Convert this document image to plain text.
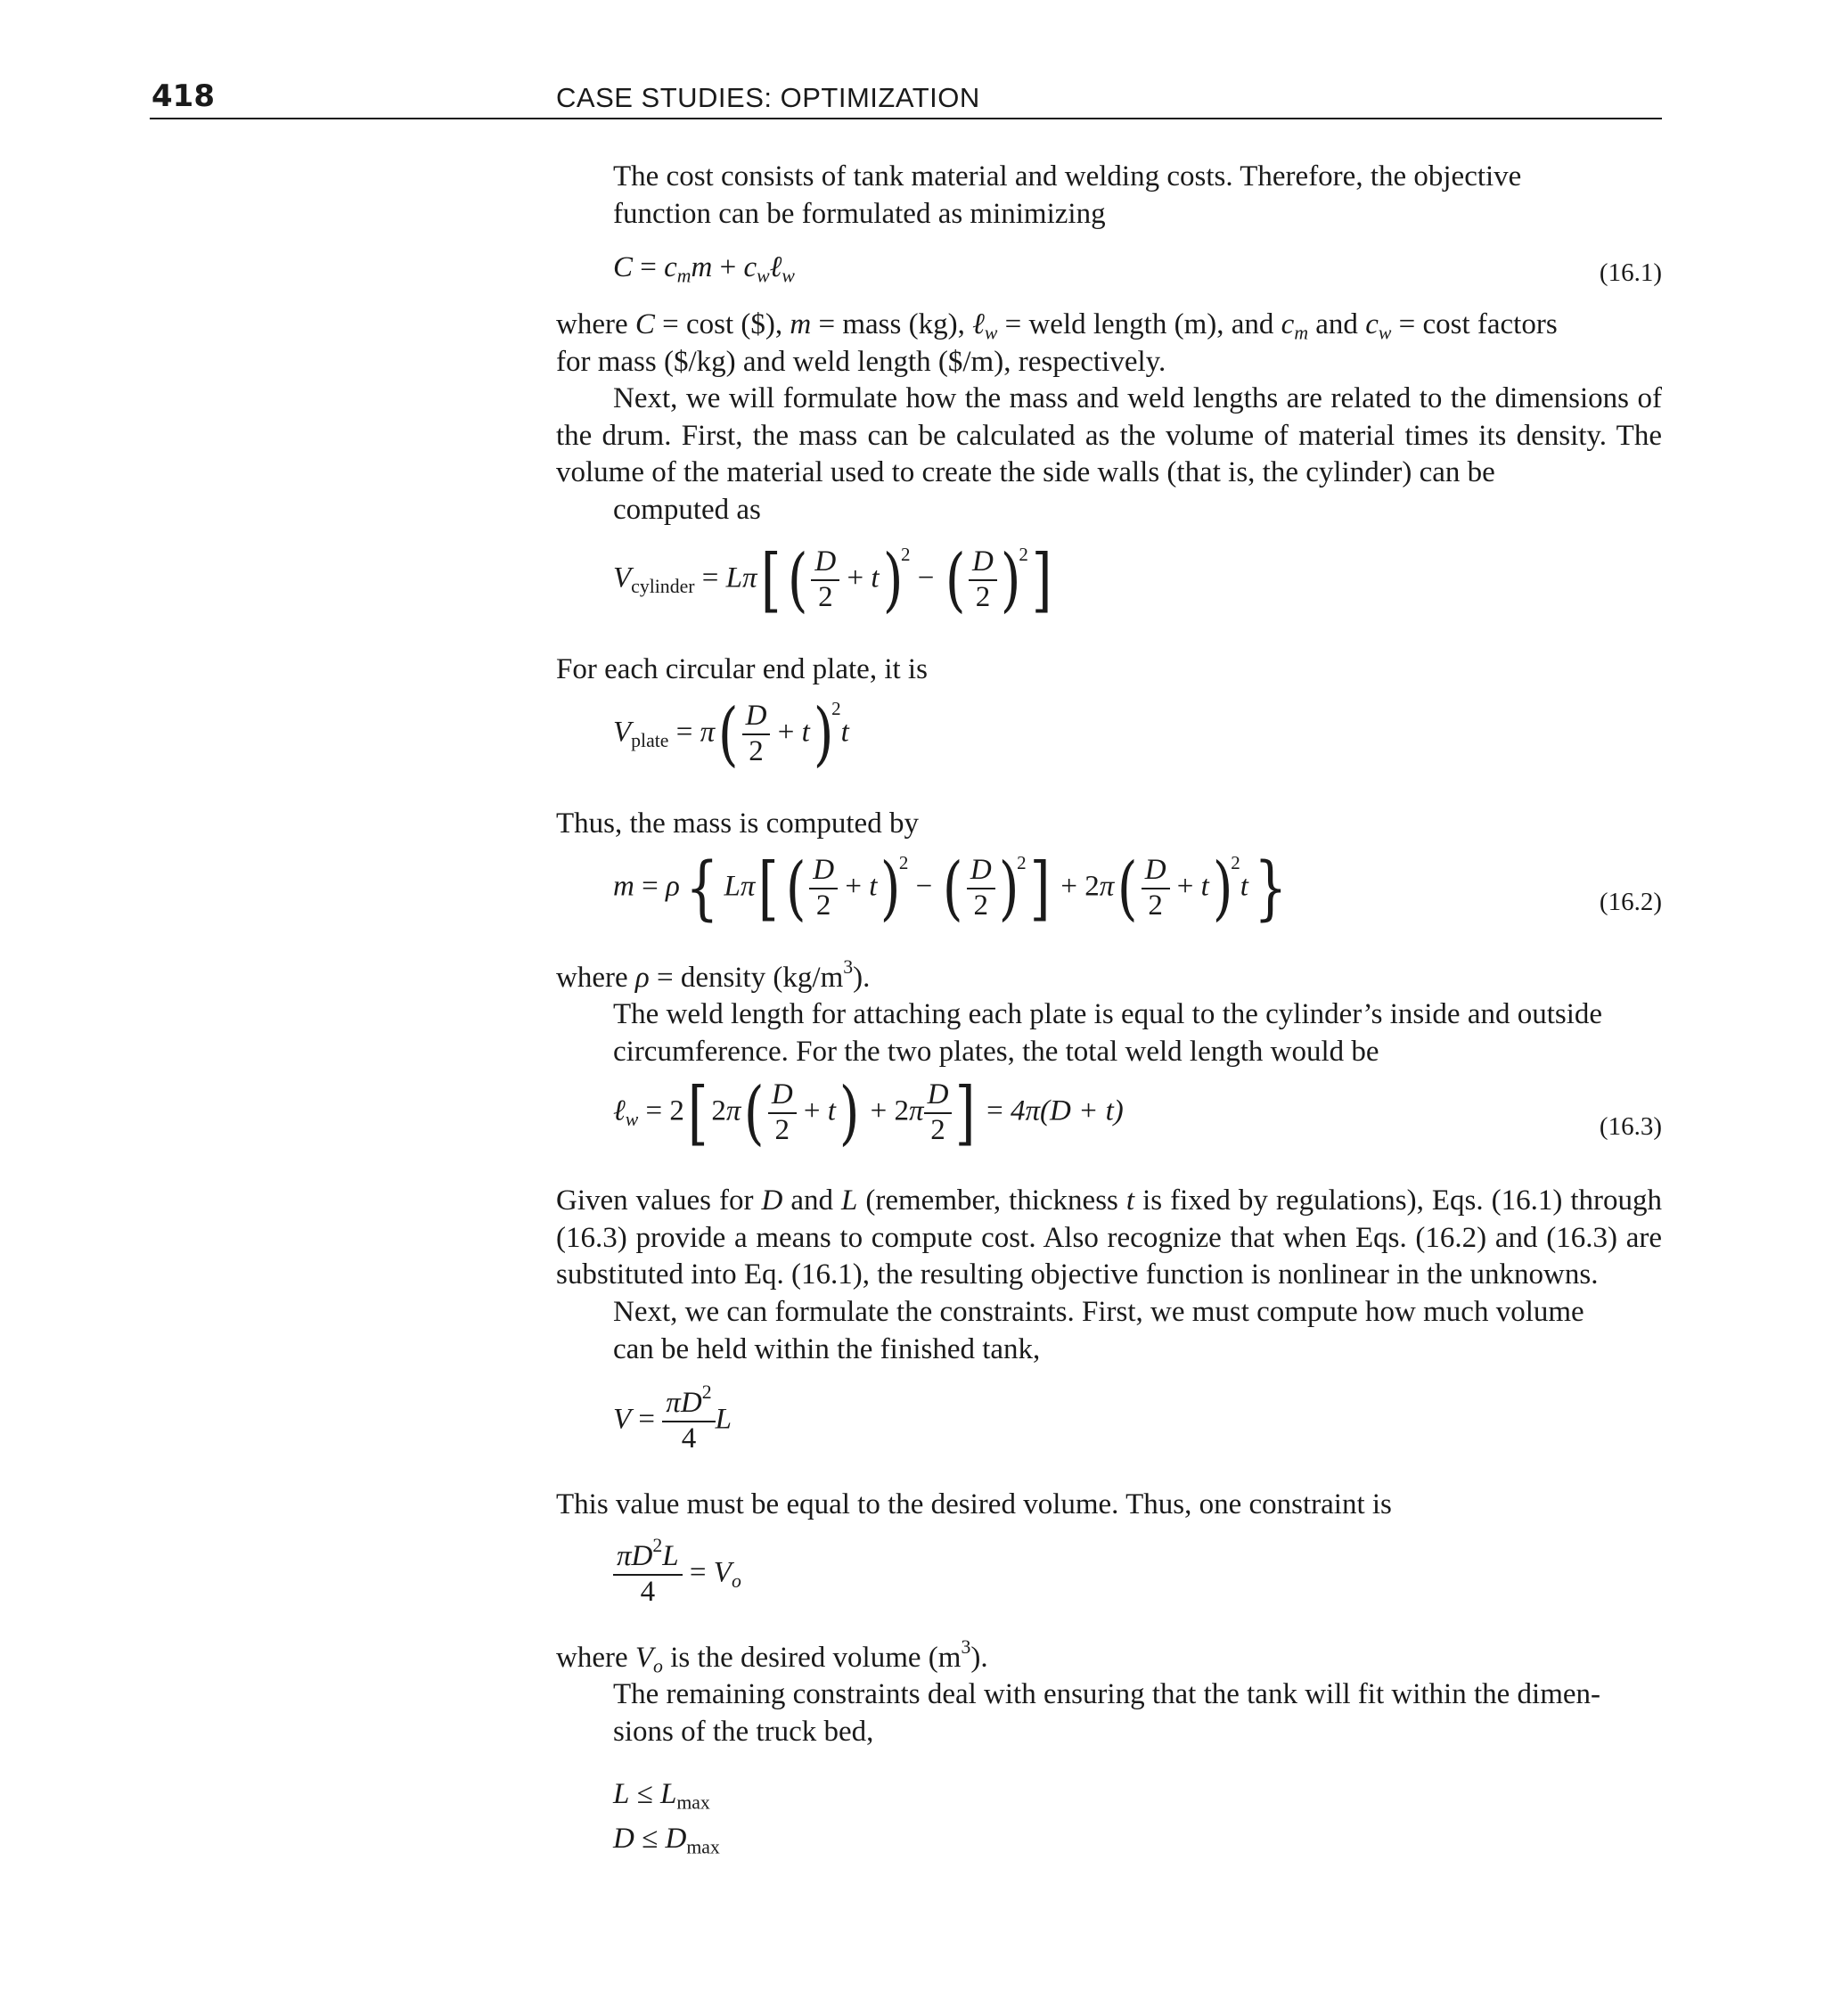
418	CASE STUDIES: OPTIMIZATION

The cost consists of tank material and welding costs. Therefore, the objective
function can be formulated as minimizing

$C = c_mm$ + $c_w\ell_w$	(16.1)

where C = cost ($), m = mass (kg), ℓ$_w$ = weld length (m), and $c_m$ and $c_w = \cos t$ factors
for mass ($/kg) and weld length ($/m), respectively.

Next, we will formulate how the mass and weld lengths are related to the dimensions of the drum. First, the mass can be calculated as the volume of material times its density. The volume of the material used to create the side walls (that is, the cylinder) can be
computed as

$V_{cylinder} = L\pi[( \frac{D}{2} + t)^2$ − ( $\frac{D}{2} )^2$]

For each circular end plate, it is

$V_{plate} = \pi( \frac{D}{2} + t)^2t$

Thus, the mass is computed by

m = ρ{ $L\pi[( \frac{D}{2} + t)^2$ − ( $\frac{D}{2} )^2] + 2\pi( \frac{D}{2} + t)^2t$}	(16.2)

where ρ = density $(kg/m^3)$.

The weld length for attaching each plate is equal to the cylinder’s inside and outside
circumference. For the two plates, the total weld length would be

ℓ$_w$ = 2[ $2\pi( \frac{D}{2} + t) + 2\pi \frac{D}{2}$ ] = 4π(D + t)	(16.3)

Given values for D and L (remember, thickness t is fixed by regulations), Eqs. (16.1) through (16.3) provide a means to compute cost. Also recognize that when Eqs. (16.2) and (16.3) are substituted into Eq. (16.1), the resulting objective function is nonlinear in the unknowns.

Next, we can formulate the constraints. First, we must compute how much volume
can be held within the finished tank,

$V = \frac{\pi D^2}{4}$ L

This value must be equal to the desired volume. Thus, one constraint is

$\frac{\pi D^2L}{4} = V_o$

where $V_o$ is the desired volume $(m^3)$.

The remaining constraints deal with ensuring that the tank will fit within the dimen-
sions of the truck bed,

$L \le L_{max}$
$D \le D_{max}$
